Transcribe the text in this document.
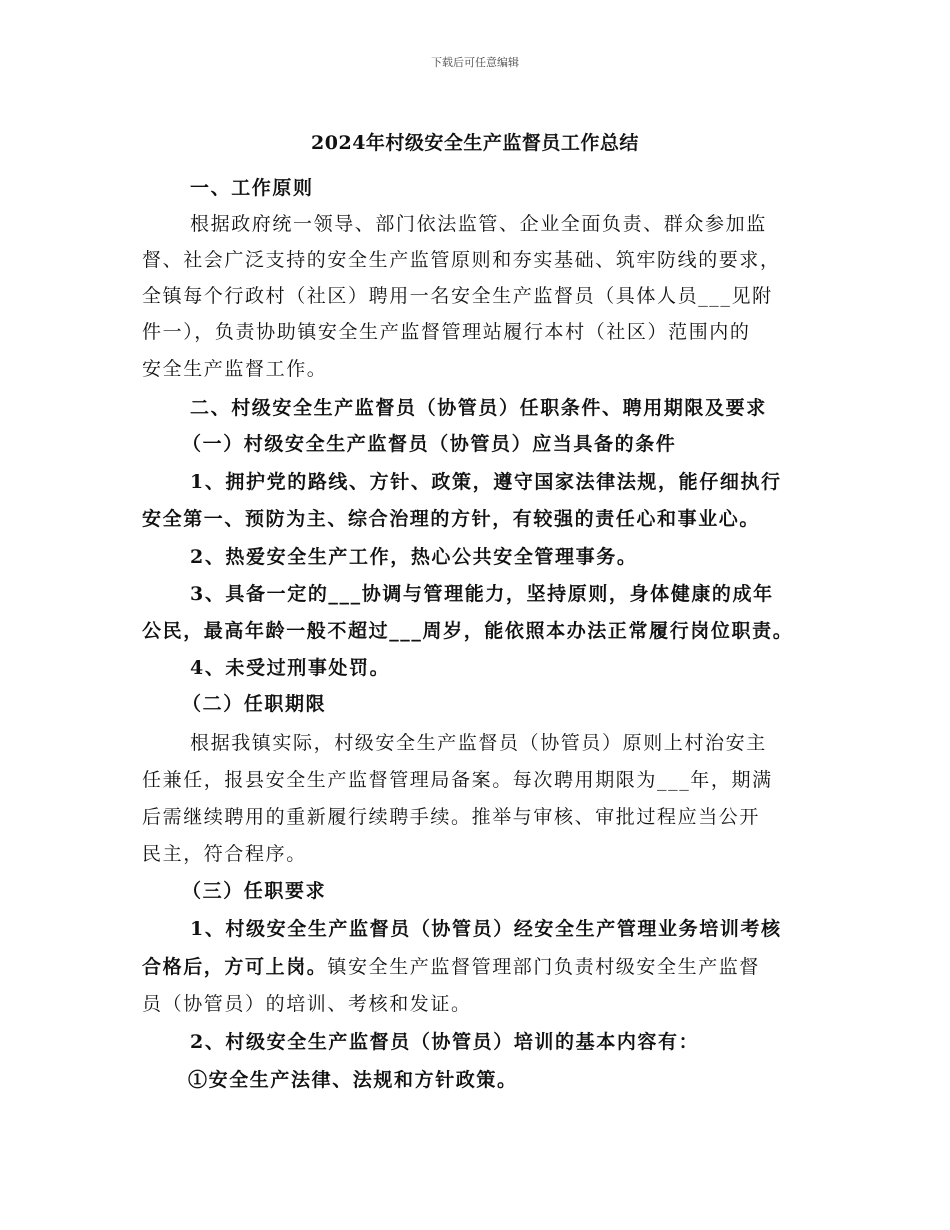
下载后可任意编辑
2024年村级安全生产监督员工作总结
一、工作原则
根据政府统一领导、部门依法监管、企业全面负责、群众参加监
督、社会广泛支持的安全生产监管原则和夯实基础、筑牢防线的要求，
全镇每个行政村（社区）聘用一名安全生产监督员（具体人员___见附
件一），负责协助镇安全生产监督管理站履行本村（社区）范围内的
安全生产监督工作。
二、村级安全生产监督员（协管员）任职条件、聘用期限及要求
（一）村级安全生产监督员（协管员）应当具备的条件
1、拥护党的路线、方针、政策，遵守国家法律法规，能仔细执行
安全第一、预防为主、综合治理的方针，有较强的责任心和事业心。
2、热爱安全生产工作，热心公共安全管理事务。
3、具备一定的___协调与管理能力，坚持原则，身体健康的成年
公民，最高年龄一般不超过___周岁，能依照本办法正常履行岗位职责。
4、未受过刑事处罚。
（二）任职期限
根据我镇实际，村级安全生产监督员（协管员）原则上村治安主
任兼任，报县安全生产监督管理局备案。每次聘用期限为___年，期满
后需继续聘用的重新履行续聘手续。推举与审核、审批过程应当公开
民主，符合程序。
（三）任职要求
1、村级安全生产监督员（协管员）经安全生产管理业务培训考核
合格后，方可上岗。镇安全生产监督管理部门负责村级安全生产监督
员（协管员）的培训、考核和发证。
2、村级安全生产监督员（协管员）培训的基本内容有：
①安全生产法律、法规和方针政策。
